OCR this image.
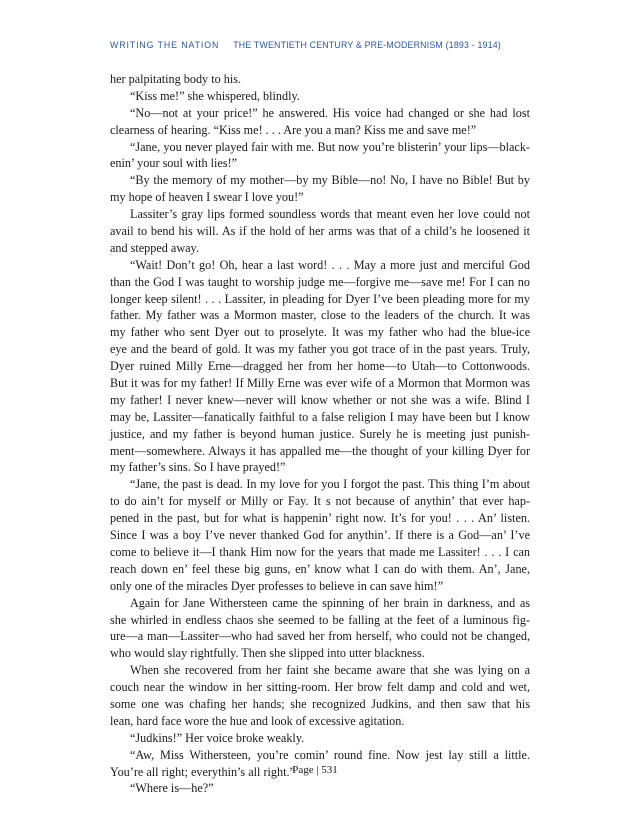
WRITING THE NATION THE TWENTIETH CENTURY & PRE-MODERNISM (1893 - 1914)
her palpitating body to his.
“Kiss me!” she whispered, blindly.
“No—not at your price!” he answered. His voice had changed or she had lost
clearness of hearing. “Kiss me! . . . Are you a man? Kiss me and save me!”
“Jane, you never played fair with me. But now you’re blisterin’ your lips—black-
enin’ your soul with lies!”
“By the memory of my mother—by my Bible—no! No, I have no Bible! But by
my hope of heaven I swear I love you!”
Lassiter’s gray lips formed soundless words that meant even her love could not
avail to bend his will. As if the hold of her arms was that of a child’s he loosened it
and stepped away.
“Wait! Don’t go! Oh, hear a last word! . . . May a more just and merciful God
than the God I was taught to worship judge me—forgive me—save me! For I can no
longer keep silent! . . . Lassiter, in pleading for Dyer I’ve been pleading more for my
father. My father was a Mormon master, close to the leaders of the church. It was
my father who sent Dyer out to proselyte. It was my father who had the blue-ice
eye and the beard of gold. It was my father you got trace of in the past years. Truly,
Dyer ruined Milly Erne—dragged her from her home—to Utah—to Cottonwoods.
But it was for my father! If Milly Erne was ever wife of a Mormon that Mormon was
my father! I never knew—never will know whether or not she was a wife. Blind I
may be, Lassiter—fanatically faithful to a false religion I may have been but I know
justice, and my father is beyond human justice. Surely he is meeting just punish-
ment—somewhere. Always it has appalled me—the thought of your killing Dyer for
my father’s sins. So I have prayed!”
“Jane, the past is dead. In my love for you I forgot the past. This thing I’m about
to do ain’t for myself or Milly or Fay. It s not because of anythin’ that ever hap-
pened in the past, but for what is happenin’ right now. It’s for you! . . . An’ listen.
Since I was a boy I’ve never thanked God for anythin’. If there is a God—an’ I’ve
come to believe it—I thank Him now for the years that made me Lassiter! . . . I can
reach down en’ feel these big guns, en’ know what I can do with them. An’, Jane,
only one of the miracles Dyer professes to believe in can save him!”
Again for Jane Withersteen came the spinning of her brain in darkness, and as
she whirled in endless chaos she seemed to be falling at the feet of a luminous fig-
ure—a man—Lassiter—who had saved her from herself, who could not be changed,
who would slay rightfully. Then she slipped into utter blackness.
When she recovered from her faint she became aware that she was lying on a
couch near the window in her sitting-room. Her brow felt damp and cold and wet,
some one was chafing her hands; she recognized Judkins, and then saw that his
lean, hard face wore the hue and look of excessive agitation.
“Judkins!” Her voice broke weakly.
“Aw, Miss Withersteen, you’re comin’ round fine. Now jest lay still a little.
You’re all right; everythin’s all right.”
“Where is—he?”
Page | 531
